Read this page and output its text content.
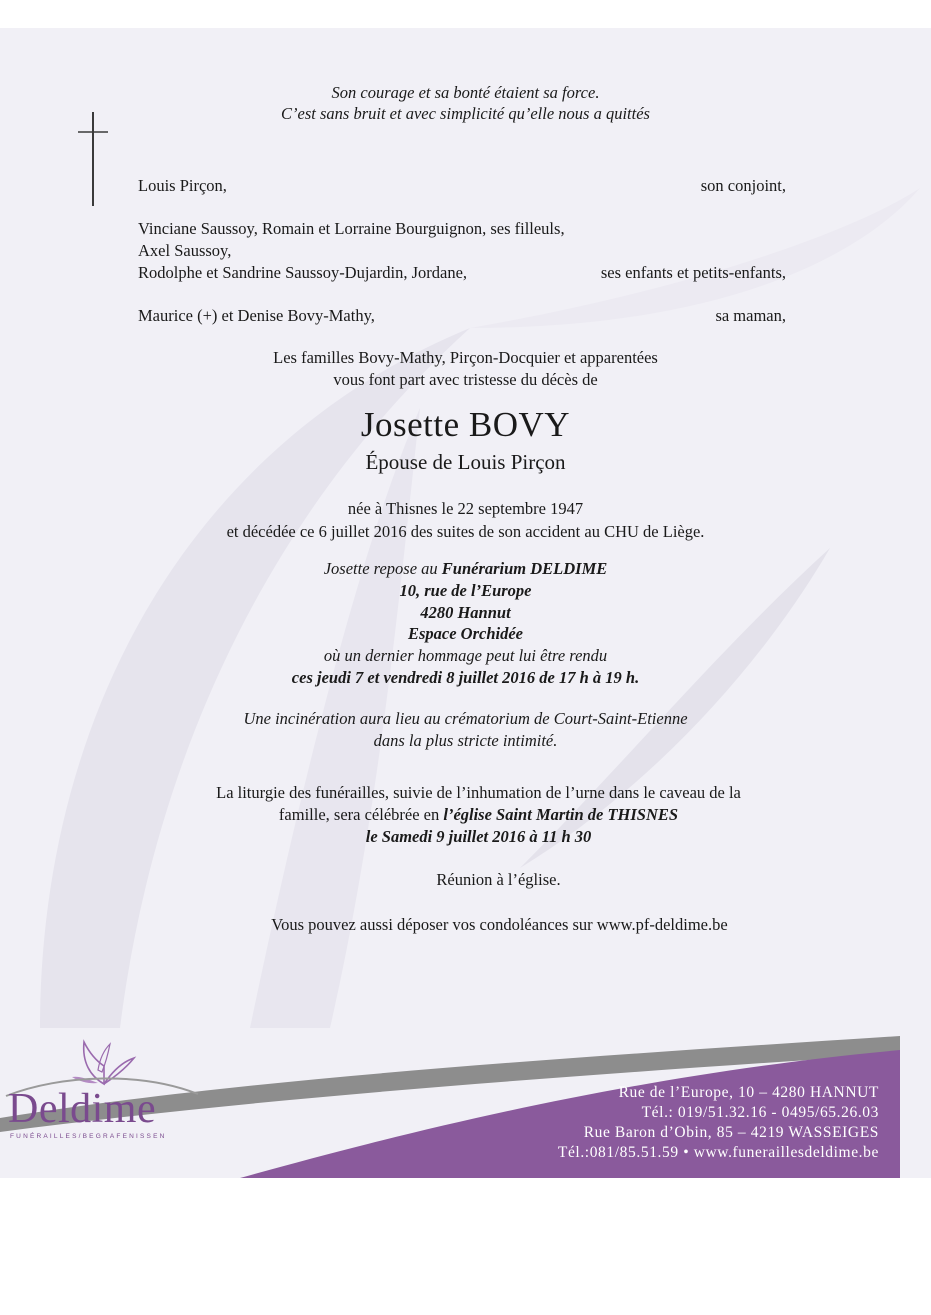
Son courage et sa bonté étaient sa force.
C’est sans bruit et avec simplicité qu’elle nous a quittés
Louis Pirçon,	son conjoint,
Vinciane Saussoy, Romain et Lorraine Bourguignon, ses filleuls,
Axel Saussoy,
Rodolphe et Sandrine Saussoy-Dujardin, Jordane,	ses enfants et petits-enfants,
Maurice (+) et Denise Bovy-Mathy,	sa maman,
Les familles Bovy-Mathy, Pirçon-Docquier et apparentées
vous font part avec tristesse du décès de
Josette BOVY
Épouse de Louis Pirçon
née à Thisnes le 22 septembre 1947
et décédée ce 6 juillet 2016 des suites de son accident au CHU de Liège.
Josette repose au Funérarium DELDIME
10, rue de l’Europe
4280 Hannut
Espace Orchidée
où un dernier hommage peut lui être rendu
ces jeudi 7 et vendredi 8 juillet 2016 de 17 h à 19 h.
Une incinération aura lieu au crématorium de Court-Saint-Etienne
dans la plus stricte intimité.
La liturgie des funérailles, suivie de l’inhumation de l’urne dans le caveau de la
famille, sera célébrée en l’église Saint Martin de THISNES
le Samedi 9 juillet 2016 à 11 h 30
Réunion à l’église.
Vous pouvez aussi déposer vos condoléances sur www.pf-deldime.be
Deldime
FUNÉRAILLES/BEGRAFENISSEN
Rue de l’Europe, 10 – 4280 HANNUT
Tél.: 019/51.32.16 - 0495/65.26.03
Rue Baron d’Obin, 85 – 4219 WASSEIGES
Tél.:081/85.51.59 • www.funeraillesdeldime.be
